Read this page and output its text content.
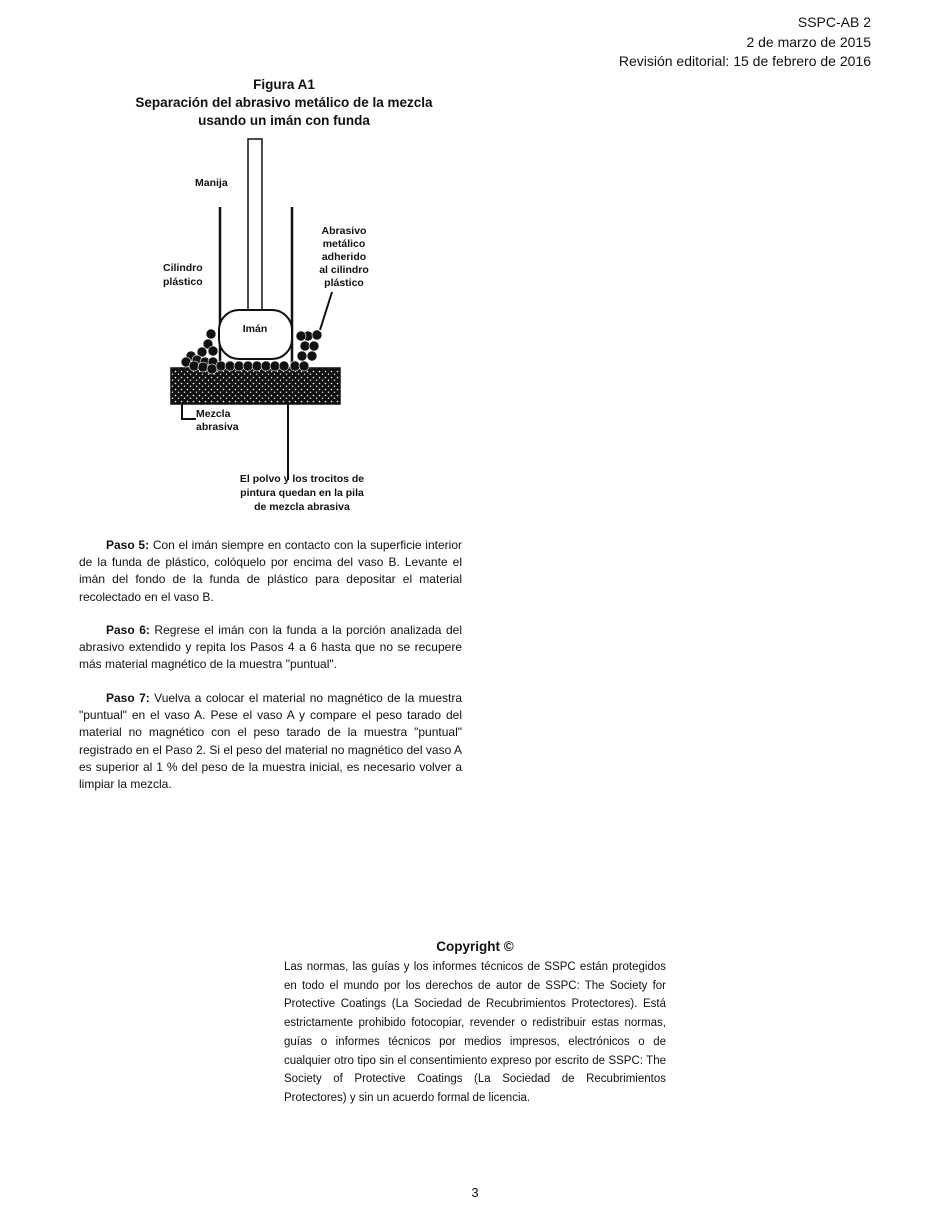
SSPC-AB 2
2 de marzo de 2015
Revisión editorial: 15 de febrero de 2016
Figura A1
Separación del abrasivo metálico de la mezcla
usando un imán con funda
Manija
Cilindro
plástico
Imán
Abrasivo
metálico
adherido
al cilindro
plástico
Mezcla
abrasiva
El polvo y los trocitos de
pintura quedan en la pila
de mezcla abrasiva

Paso 5: Con el imán siempre en contacto con la superficie interior de la funda de plástico, colóquelo por encima del vaso B. Levante el imán del fondo de la funda de plástico para depositar el material recolectado en el vaso B.

Paso 6: Regrese el imán con la funda a la porción analizada del abrasivo extendido y repita los Pasos 4 a 6 hasta que no se recupere más material magnético de la muestra "puntual".

Paso 7: Vuelva a colocar el material no magnético de la muestra "puntual" en el vaso A. Pese el vaso A y compare el peso tarado del material no magnético con el peso tarado de la muestra "puntual" registrado en el Paso 2. Si el peso del material no magnético del vaso A es superior al 1 % del peso de la muestra inicial, es necesario volver a limpiar la mezcla.

Copyright ©

Las normas, las guías y los informes técnicos de SSPC están protegidos en todo el mundo por los derechos de autor de SSPC: The Society for Protective Coatings (La Sociedad de Recubrimientos Protectores). Está estrictamente prohibido fotocopiar, revender o redistribuir estas normas, guías o informes técnicos por medios impresos, electrónicos o de cualquier otro tipo sin el consentimiento expreso por escrito de SSPC: The Society of Protective Coatings (La Sociedad de Recubrimientos Protectores) y sin un acuerdo formal de licencia.

3
